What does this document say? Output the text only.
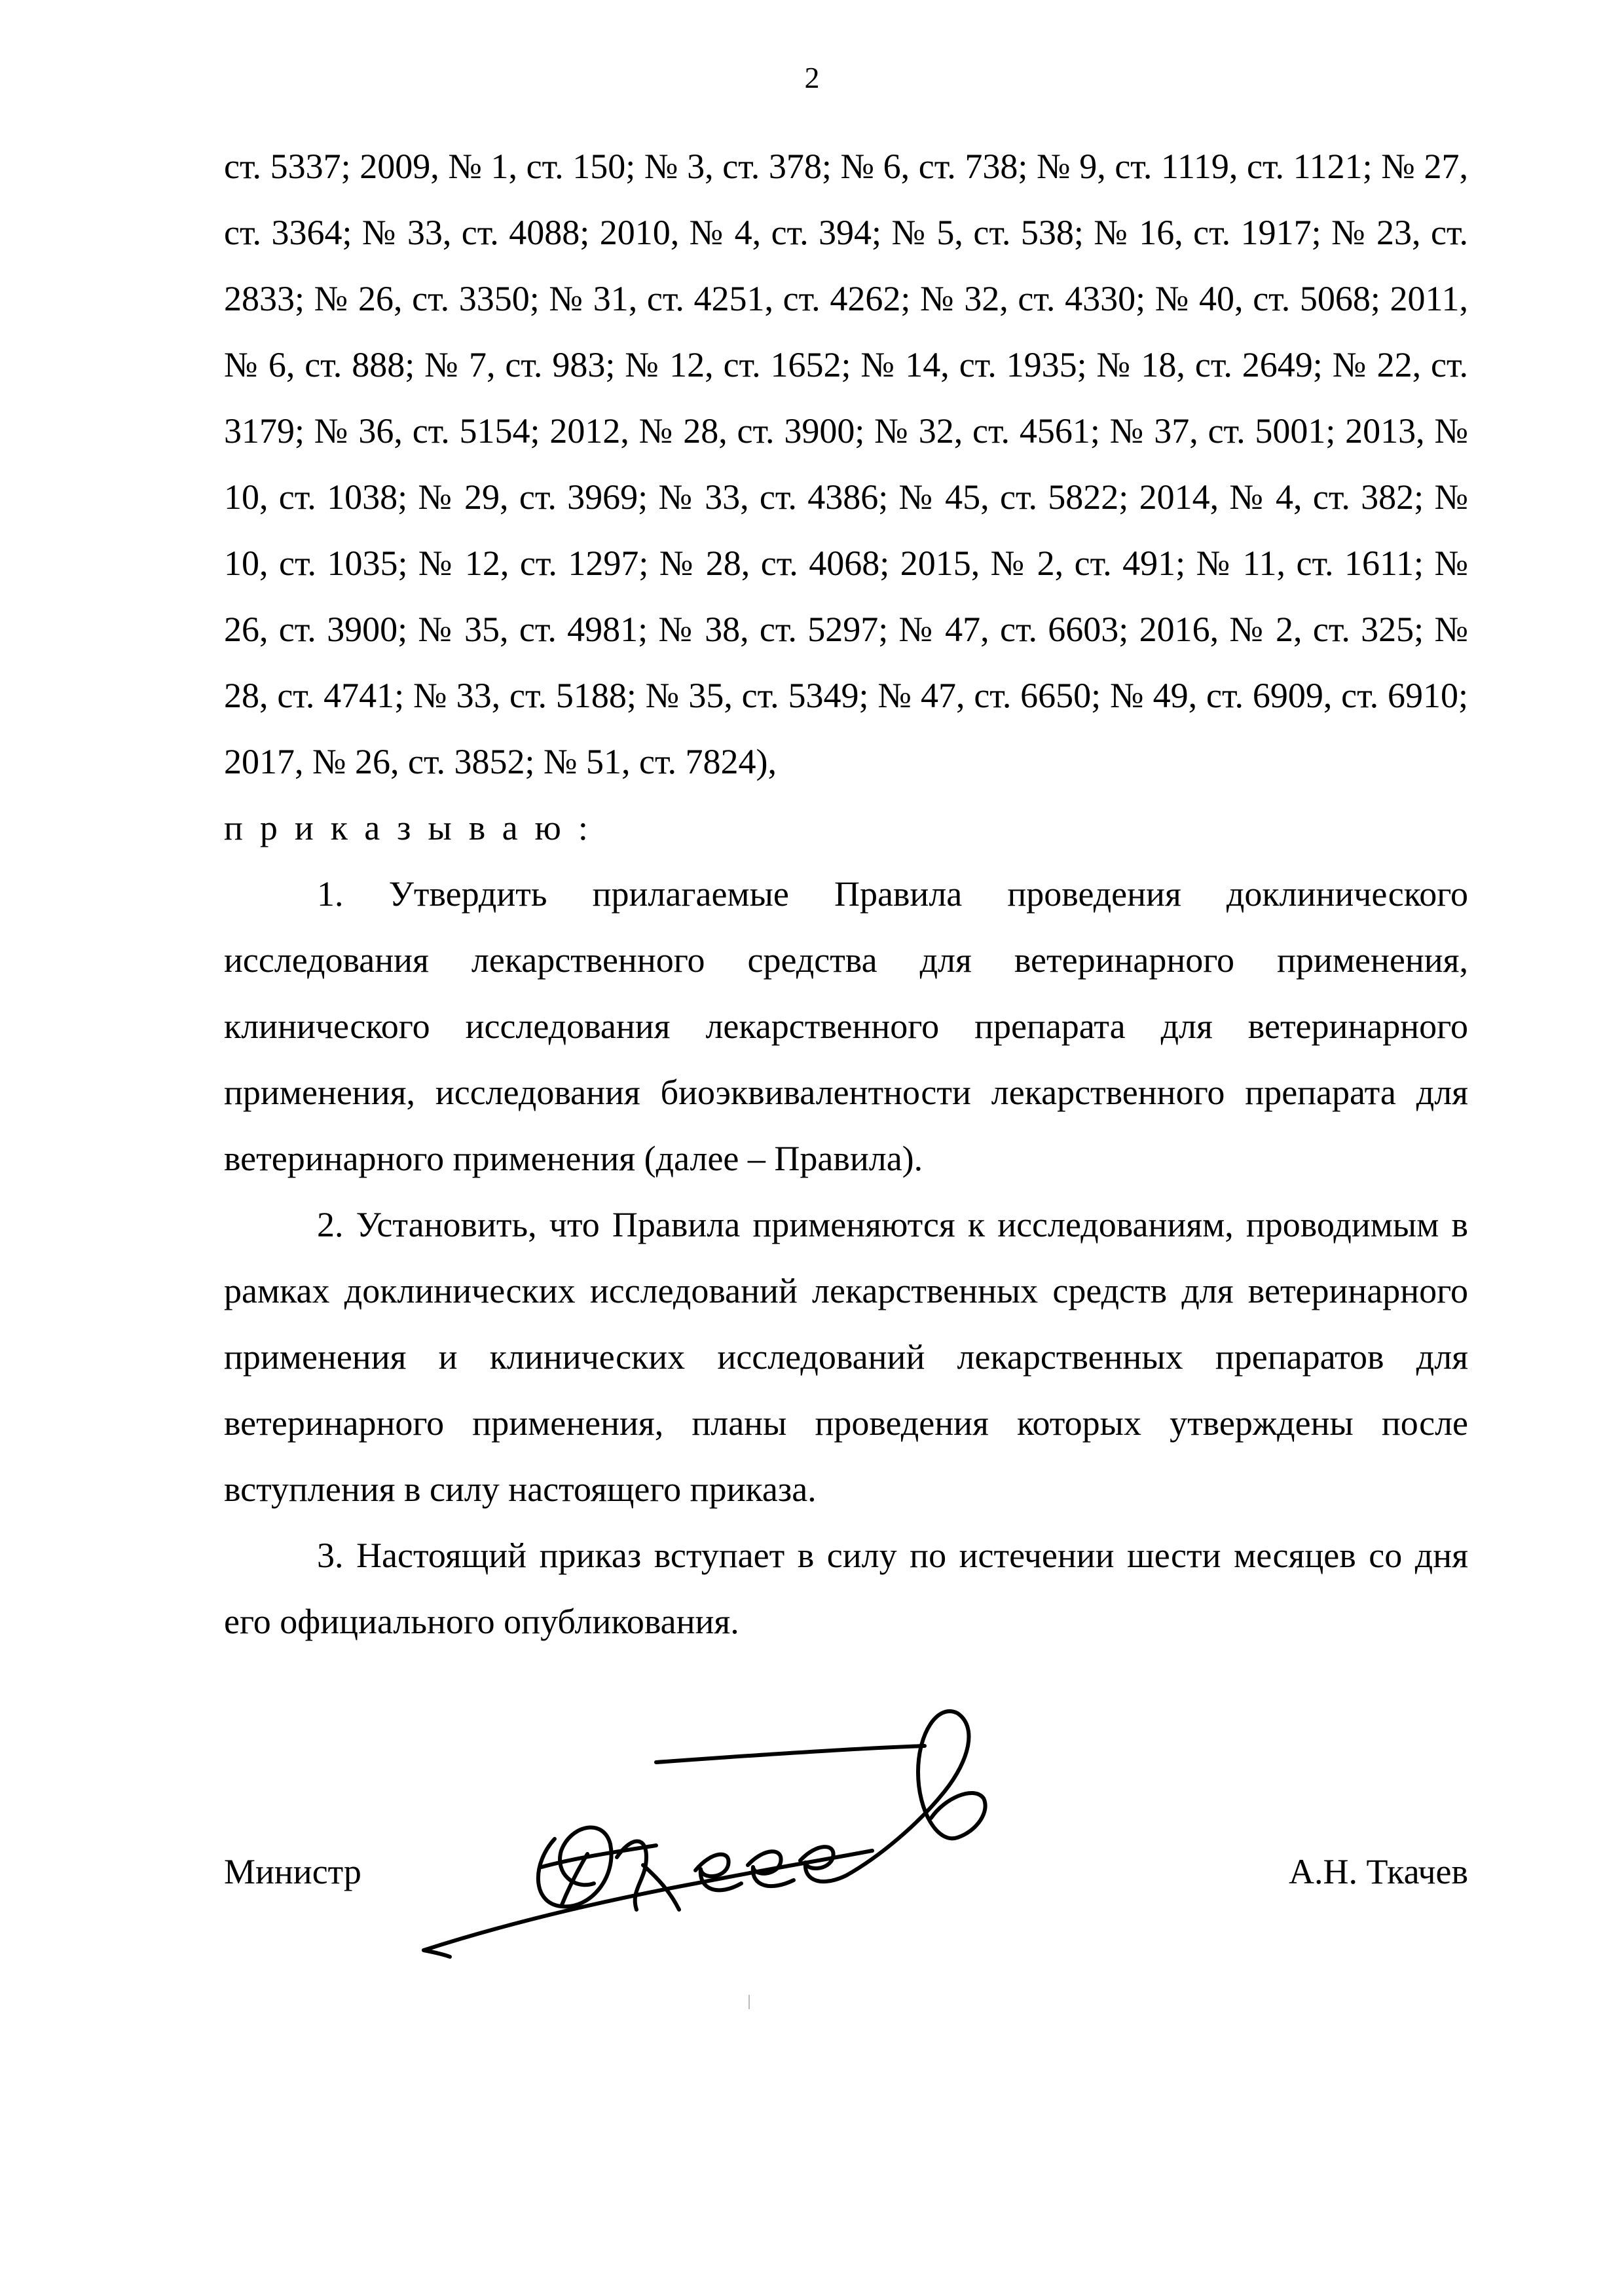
2

ст. 5337; 2009, № 1, ст. 150; № 3, ст. 378; № 6, ст. 738; № 9, ст. 1119, ст. 1121; № 27, ст. 3364; № 33, ст. 4088; 2010, № 4, ст. 394; № 5, ст. 538; № 16, ст. 1917; № 23, ст. 2833; № 26, ст. 3350; № 31, ст. 4251, ст. 4262; № 32, ст. 4330; № 40, ст. 5068; 2011, № 6, ст. 888; № 7, ст. 983; № 12, ст. 1652; № 14, ст. 1935; № 18, ст. 2649; № 22, ст. 3179; № 36, ст. 5154; 2012, № 28, ст. 3900; № 32, ст. 4561; № 37, ст. 5001; 2013, № 10, ст. 1038; № 29, ст. 3969; № 33, ст. 4386; № 45, ст. 5822; 2014, № 4, ст. 382; № 10, ст. 1035; № 12, ст. 1297; № 28, ст. 4068; 2015, № 2, ст. 491; № 11, ст. 1611; № 26, ст. 3900; № 35, ст. 4981; № 38, ст. 5297; № 47, ст. 6603; 2016, № 2, ст. 325; № 28, ст. 4741; № 33, ст. 5188; № 35, ст. 5349; № 47, ст. 6650; № 49, ст. 6909, ст. 6910; 2017, № 26, ст. 3852; № 51, ст. 7824),

приказываю:

1. Утвердить прилагаемые Правила проведения доклинического исследования лекарственного средства для ветеринарного применения, клинического исследования лекарственного препарата для ветеринарного применения, исследования биоэквивалентности лекарственного препарата для ветеринарного применения (далее – Правила).

2. Установить, что Правила применяются к исследованиям, проводимым в рамках доклинических исследований лекарственных средств для ветеринарного применения и клинических исследований лекарственных препаратов для ветеринарного применения, планы проведения которых утверждены после вступления в силу настоящего приказа.

3. Настоящий приказ вступает в силу по истечении шести месяцев со дня его официального опубликования.

Министр	А.Н. Ткачев
